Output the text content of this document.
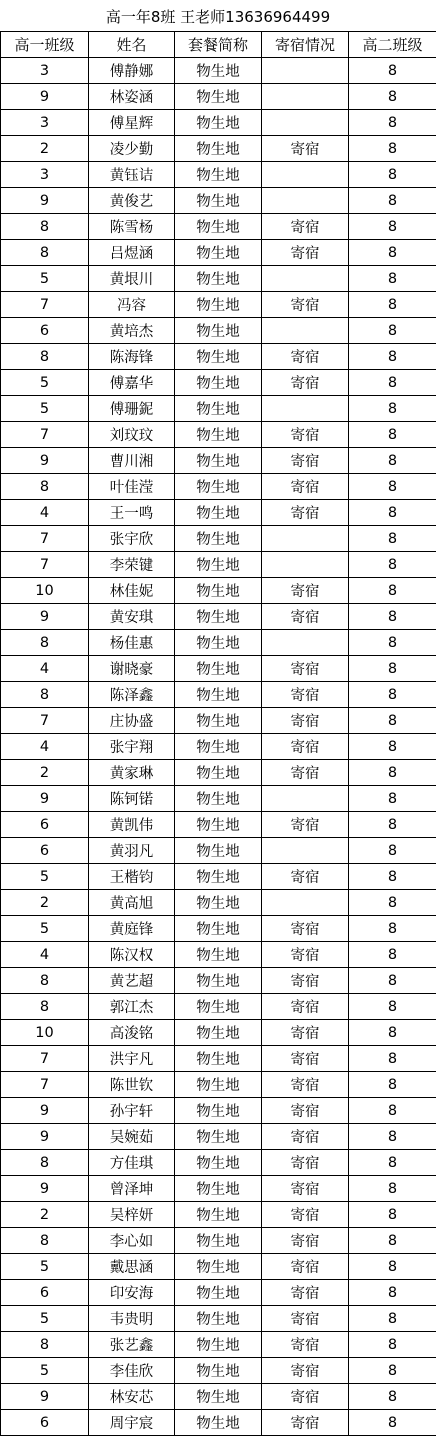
高一年8班 王老师13636964499
高一班级	姓名	套餐简称	寄宿情况	高二班级
3	傅静娜	物生地		8
9	林姿涵	物生地		8
3	傅星辉	物生地		8
2	凌少勤	物生地	寄宿	8
3	黄钰诘	物生地		8
9	黄俊艺	物生地		8
8	陈雪杨	物生地	寄宿	8
8	吕煜涵	物生地	寄宿	8
5	黄垠川	物生地		8
7	冯容	物生地	寄宿	8
6	黄培杰	物生地		8
8	陈海锋	物生地	寄宿	8
5	傅嘉华	物生地	寄宿	8
5	傅珊鈮	物生地		8
7	刘玟玟	物生地	寄宿	8
9	曹川湘	物生地	寄宿	8
8	叶佳滢	物生地	寄宿	8
4	王一鸣	物生地	寄宿	8
7	张宇欣	物生地		8
7	李荣键	物生地		8
10	林佳妮	物生地	寄宿	8
9	黄安琪	物生地	寄宿	8
8	杨佳惠	物生地		8
4	谢晓豪	物生地	寄宿	8
8	陈泽鑫	物生地	寄宿	8
7	庄协盛	物生地	寄宿	8
4	张宇翔	物生地	寄宿	8
2	黄家琳	物生地	寄宿	8
9	陈钶锘	物生地		8
6	黄凯伟	物生地	寄宿	8
6	黄羽凡	物生地		8
5	王楷钧	物生地	寄宿	8
2	黄高旭	物生地		8
5	黄庭锋	物生地	寄宿	8
4	陈汉权	物生地	寄宿	8
8	黄艺超	物生地	寄宿	8
8	郭江杰	物生地	寄宿	8
10	高浚铭	物生地	寄宿	8
7	洪宇凡	物生地	寄宿	8
7	陈世钦	物生地	寄宿	8
9	孙宇轩	物生地	寄宿	8
9	吴婉茹	物生地	寄宿	8
8	方佳琪	物生地	寄宿	8
9	曾泽坤	物生地	寄宿	8
2	吴梓妍	物生地	寄宿	8
8	李心如	物生地	寄宿	8
5	戴思涵	物生地	寄宿	8
6	印安海	物生地	寄宿	8
5	韦贵明	物生地	寄宿	8
8	张艺鑫	物生地	寄宿	8
5	李佳欣	物生地	寄宿	8
9	林安芯	物生地	寄宿	8
6	周宇宸	物生地	寄宿	8
